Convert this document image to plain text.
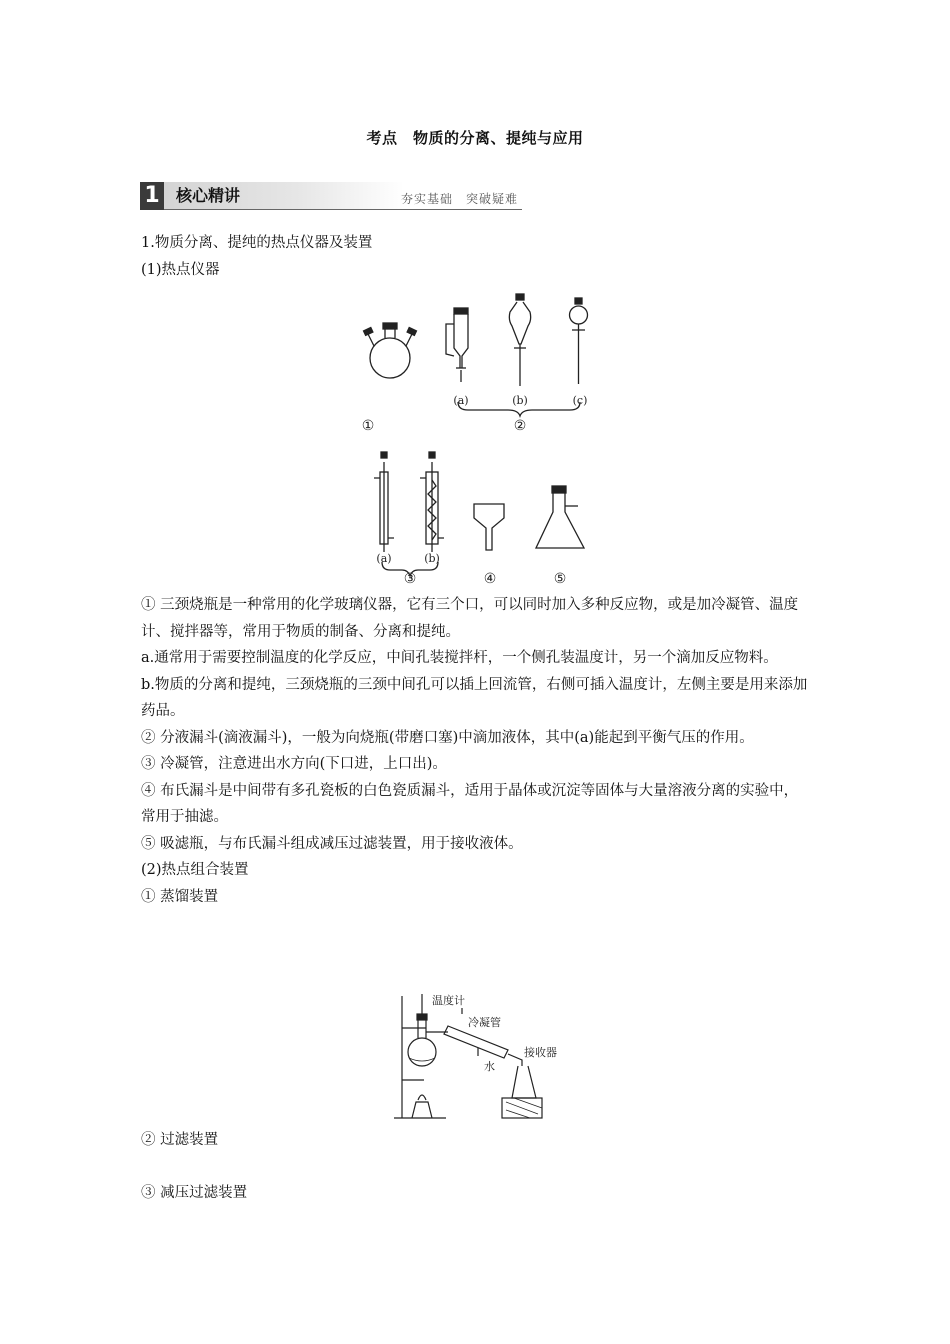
考点　物质的分离、提纯与应用
1	核心精讲	夯实基础　突破疑难

1.物质分离、提纯的热点仪器及装置

(1)热点仪器

(a)	(b)	(c)
(a)	(b)
①	②
③	④	⑤

① 三颈烧瓶是一种常用的化学玻璃仪器，它有三个口，可以同时加入多种反应物，或是加冷凝管、温度计、搅拌器等，常用于物质的制备、分离和提纯。

a.通常用于需要控制温度的化学反应，中间孔装搅拌杆，一个侧孔装温度计，另一个滴加反应物料。

b.物质的分离和提纯，三颈烧瓶的三颈中间孔可以插上回流管，右侧可插入温度计，左侧主要是用来添加药品。

② 分液漏斗(滴液漏斗)，一般为向烧瓶(带磨口塞)中滴加液体，其中(a)能起到平衡气压的作用。

③ 冷凝管，注意进出水方向(下口进，上口出)。

④ 布氏漏斗是中间带有多孔瓷板的白色瓷质漏斗，适用于晶体或沉淀等固体与大量溶液分离的实验中，常用于抽滤。

⑤ 吸滤瓶，与布氏漏斗组成减压过滤装置，用于接收液体。

(2)热点组合装置

① 蒸馏装置

温度计
冷凝管
接收器
水

② 过滤装置

③ 减压过滤装置
